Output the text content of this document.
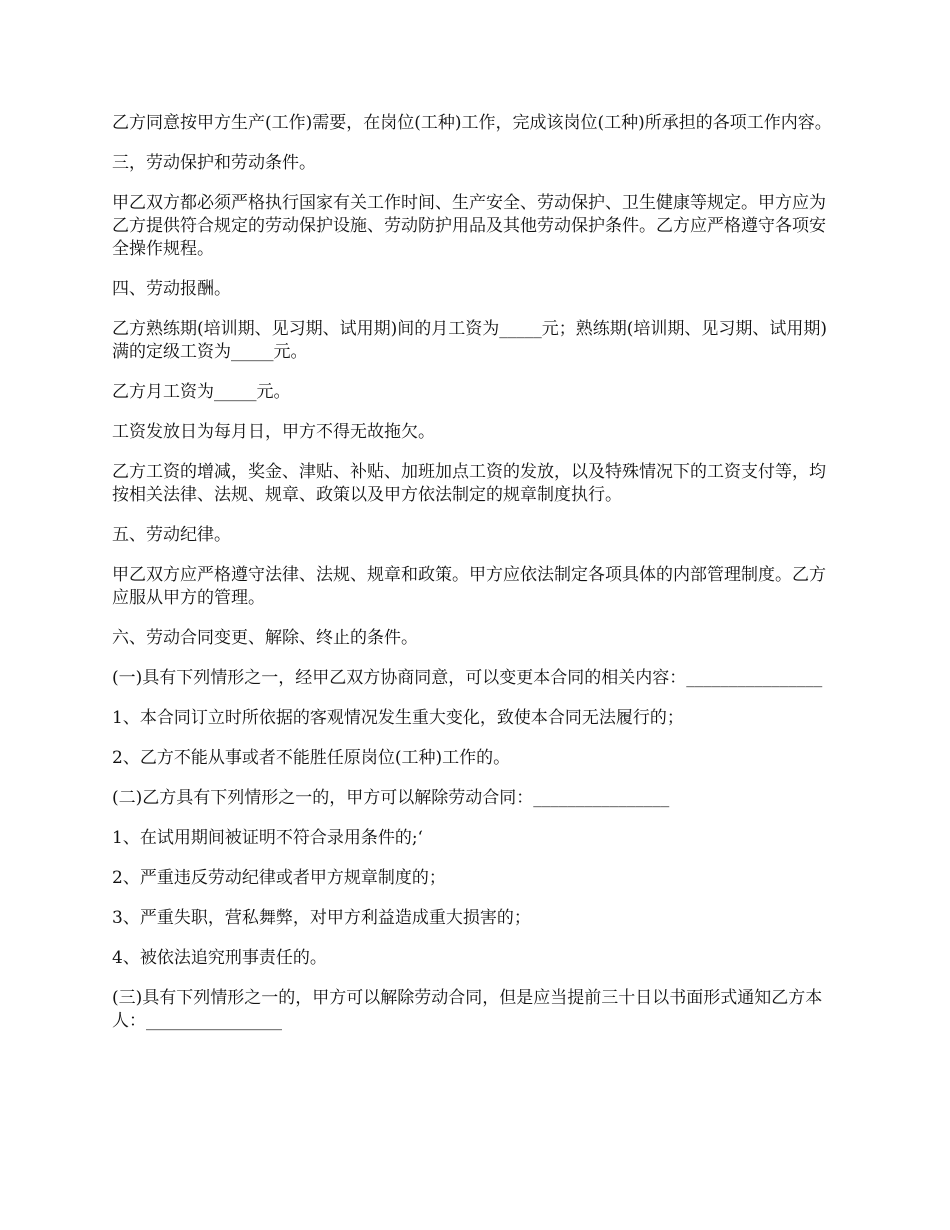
乙方同意按甲方生产(工作)需要，在岗位(工种)工作，完成该岗位(工种)所承担的各项工作内容。

三，劳动保护和劳动条件。

甲乙双方都必须严格执行国家有关工作时间、生产安全、劳动保护、卫生健康等规定。甲方应为乙方提供符合规定的劳动保护设施、劳动防护用品及其他劳动保护条件。乙方应严格遵守各项安全操作规程。

四、劳动报酬。

乙方熟练期(培训期、见习期、试用期)间的月工资为_____元；熟练期(培训期、见习期、试用期)满的定级工资为_____元。

乙方月工资为_____元。

工资发放日为每月日，甲方不得无故拖欠。

乙方工资的增减，奖金、津贴、补贴、加班加点工资的发放，以及特殊情况下的工资支付等，均按相关法律、法规、规章、政策以及甲方依法制定的规章制度执行。

五、劳动纪律。

甲乙双方应严格遵守法律、法规、规章和政策。甲方应依法制定各项具体的内部管理制度。乙方应服从甲方的管理。

六、劳动合同变更、解除、终止的条件。

(一)具有下列情形之一，经甲乙双方协商同意，可以变更本合同的相关内容：________________

1、本合同订立时所依据的客观情况发生重大变化，致使本合同无法履行的；

2、乙方不能从事或者不能胜任原岗位(工种)工作的。

(二)乙方具有下列情形之一的，甲方可以解除劳动合同：________________

1、在试用期间被证明不符合录用条件的;‘

2、严重违反劳动纪律或者甲方规章制度的；

3、严重失职，营私舞弊，对甲方利益造成重大损害的；

4、被依法追究刑事责任的。

(三)具有下列情形之一的，甲方可以解除劳动合同，但是应当提前三十日以书面形式通知乙方本人：________________
